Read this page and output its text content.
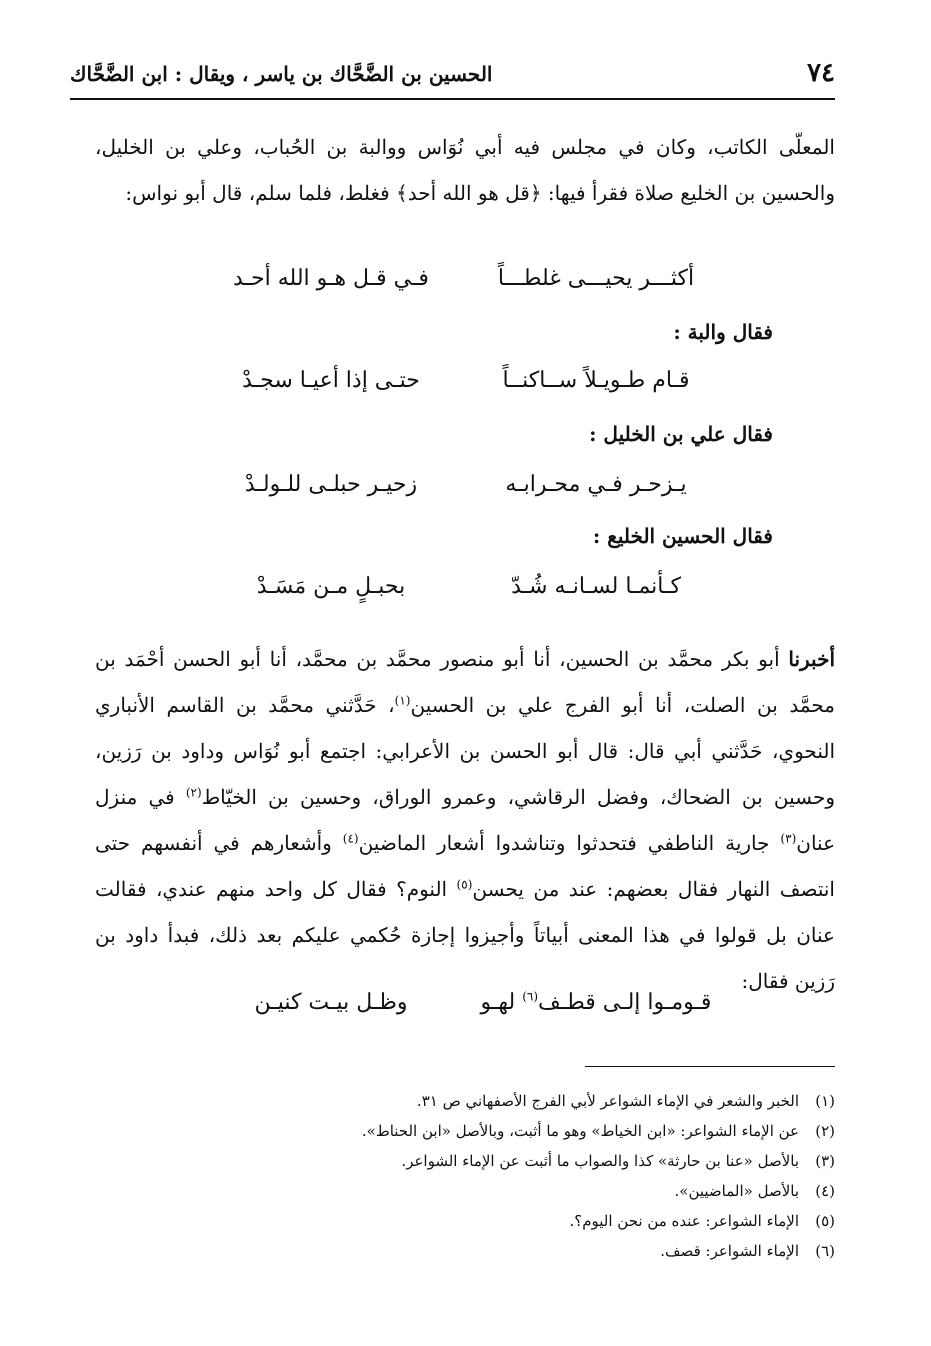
٧٤
الحسين بن الضَّحَّاك بن ياسر ، ويقال : ابن الضَّحَّاك
المعلّى الكاتب، وكان في مجلس فيه أبي نُوَاس ووالبة بن الحُباب، وعلي بن الخليل، والحسين بن الخليع صلاة فقرأ فيها: ﴿قل هو الله أحد﴾ فغلط، فلما سلم، قال أبو نواس:
أكثـــر يحيـــى غلطـــاً
فـي قـل هـو الله أحـد
فقال والبة :
قـام طـويـلاً ســاكنــاً
حتـى إذا أعيـا سجـدْ
فقال علي بن الخليل :
يـزحـر فـي محـرابـه
زحيـر حبلـى للـولـدْ
فقال الحسين الخليع :
كـأنمـا لسـانـه شُـدّ
بحبـلٍ مـن مَسَـدْ
أخبرنا أبو بكر محمَّد بن الحسين، أنا أبو منصور محمَّد بن محمَّد، أنا أبو الحسن أحْمَد بن محمَّد بن الصلت، أنا أبو الفرج علي بن الحسين$^{(١)}$، حَدَّثني محمَّد بن القاسم الأنباري النحوي، حَدَّثني أبي قال: قال أبو الحسن بن الأعرابي: اجتمع أبو نُوَاس وداود بن رَزين، وحسين بن الضحاك، وفضل الرقاشي، وعمرو الوراق، وحسين بن الخيّاط$^{(٢)}$ في منزل عنان$^{(٣)}$ جارية الناطفي فتحدثوا وتناشدوا أشعار الماضين$^{(٤)}$ وأشعارهم في أنفسهم حتى انتصف النهار فقال بعضهم: عند من يحسن$^{(٥)}$ النوم؟ فقال كل واحد منهم عندي، فقالت عنان بل قولوا في هذا المعنى أبياتاً وأجيزوا إجازة حُكمي عليكم بعد ذلك، فبدأ داود بن رَزين فقال:
قـومـوا إلـى قطـف$^{(٦)}$ لهـو
وظـل بيـت كنيـن
(١)الخبر والشعر في الإماء الشواعر لأبي الفرج الأصفهاني ص ٣١.
(٢)عن الإماء الشواعر: «ابن الخياط» وهو ما أثبت، وبالأصل «ابن الحناط».
(٣)بالأصل «عنا بن حارثة» كذا والصواب ما أثبت عن الإماء الشواعر.
(٤)بالأصل «الماضيين».
(٥)الإماء الشواعر: عنده من نحن اليوم؟.
(٦)الإماء الشواعر: قصف.
